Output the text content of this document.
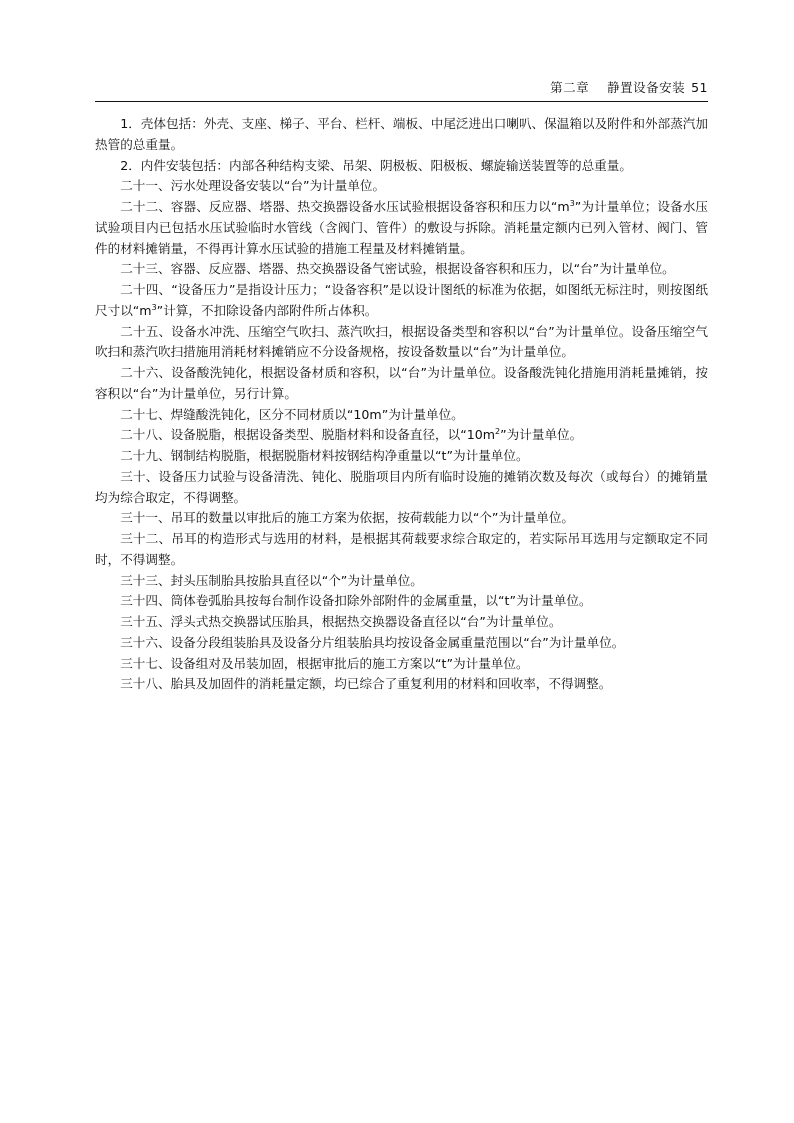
第二章 静置设备安装 51

1．壳体包括：外壳、支座、梯子、平台、栏杆、端板、中尾泛进出口喇叭、保温箱以及附件和外部蒸汽加热管的总重量。

2．内件安装包括：内部各种结构支梁、吊架、阴极板、阳极板、螺旋输送装置等的总重量。

二十一、污水处理设备安装以“台”为计量单位。

二十二、容器、反应器、塔器、热交换器设备水压试验根据设备容积和压力以“$m^3$”为计量单位；设备水压试验项目内已包括水压试验临时水管线（含阀门、管件）的敷设与拆除。消耗量定额内已列入管材、阀门、管件的材料摊销量，不得再计算水压试验的措施工程量及材料摊销量。

二十三、容器、反应器、塔器、热交换器设备气密试验，根据设备容积和压力，以“台”为计量单位。

二十四、“设备压力”是指设计压力；“设备容积”是以设计图纸的标准为依据，如图纸无标注时，则按图纸尺寸以“$m^3$”计算，不扣除设备内部附件所占体积。

二十五、设备水冲洗、压缩空气吹扫、蒸汽吹扫，根据设备类型和容积以“台”为计量单位。设备压缩空气吹扫和蒸汽吹扫措施用消耗材料摊销应不分设备规格，按设备数量以“台”为计量单位。

二十六、设备酸洗钝化，根据设备材质和容积，以“台”为计量单位。设备酸洗钝化措施用消耗量摊销，按容积以“台”为计量单位，另行计算。

二十七、焊缝酸洗钝化，区分不同材质以“10m”为计量单位。

二十八、设备脱脂，根据设备类型、脱脂材料和设备直径，以“$10m^2$”为计量单位。

二十九、钢制结构脱脂，根据脱脂材料按钢结构净重量以“t”为计量单位。

三十、设备压力试验与设备清洗、钝化、脱脂项目内所有临时设施的摊销次数及每次（或每台）的摊销量均为综合取定，不得调整。

三十一、吊耳的数量以审批后的施工方案为依据，按荷载能力以“个”为计量单位。

三十二、吊耳的构造形式与选用的材料，是根据其荷载要求综合取定的，若实际吊耳选用与定额取定不同时，不得调整。

三十三、封头压制胎具按胎具直径以“个”为计量单位。

三十四、筒体卷弧胎具按每台制作设备扣除外部附件的金属重量，以“t”为计量单位。

三十五、浮头式热交换器试压胎具，根据热交换器设备直径以“台”为计量单位。

三十六、设备分段组装胎具及设备分片组装胎具均按设备金属重量范围以“台”为计量单位。

三十七、设备组对及吊装加固，根据审批后的施工方案以“t”为计量单位。

三十八、胎具及加固件的消耗量定额，均已综合了重复利用的材料和回收率，不得调整。
